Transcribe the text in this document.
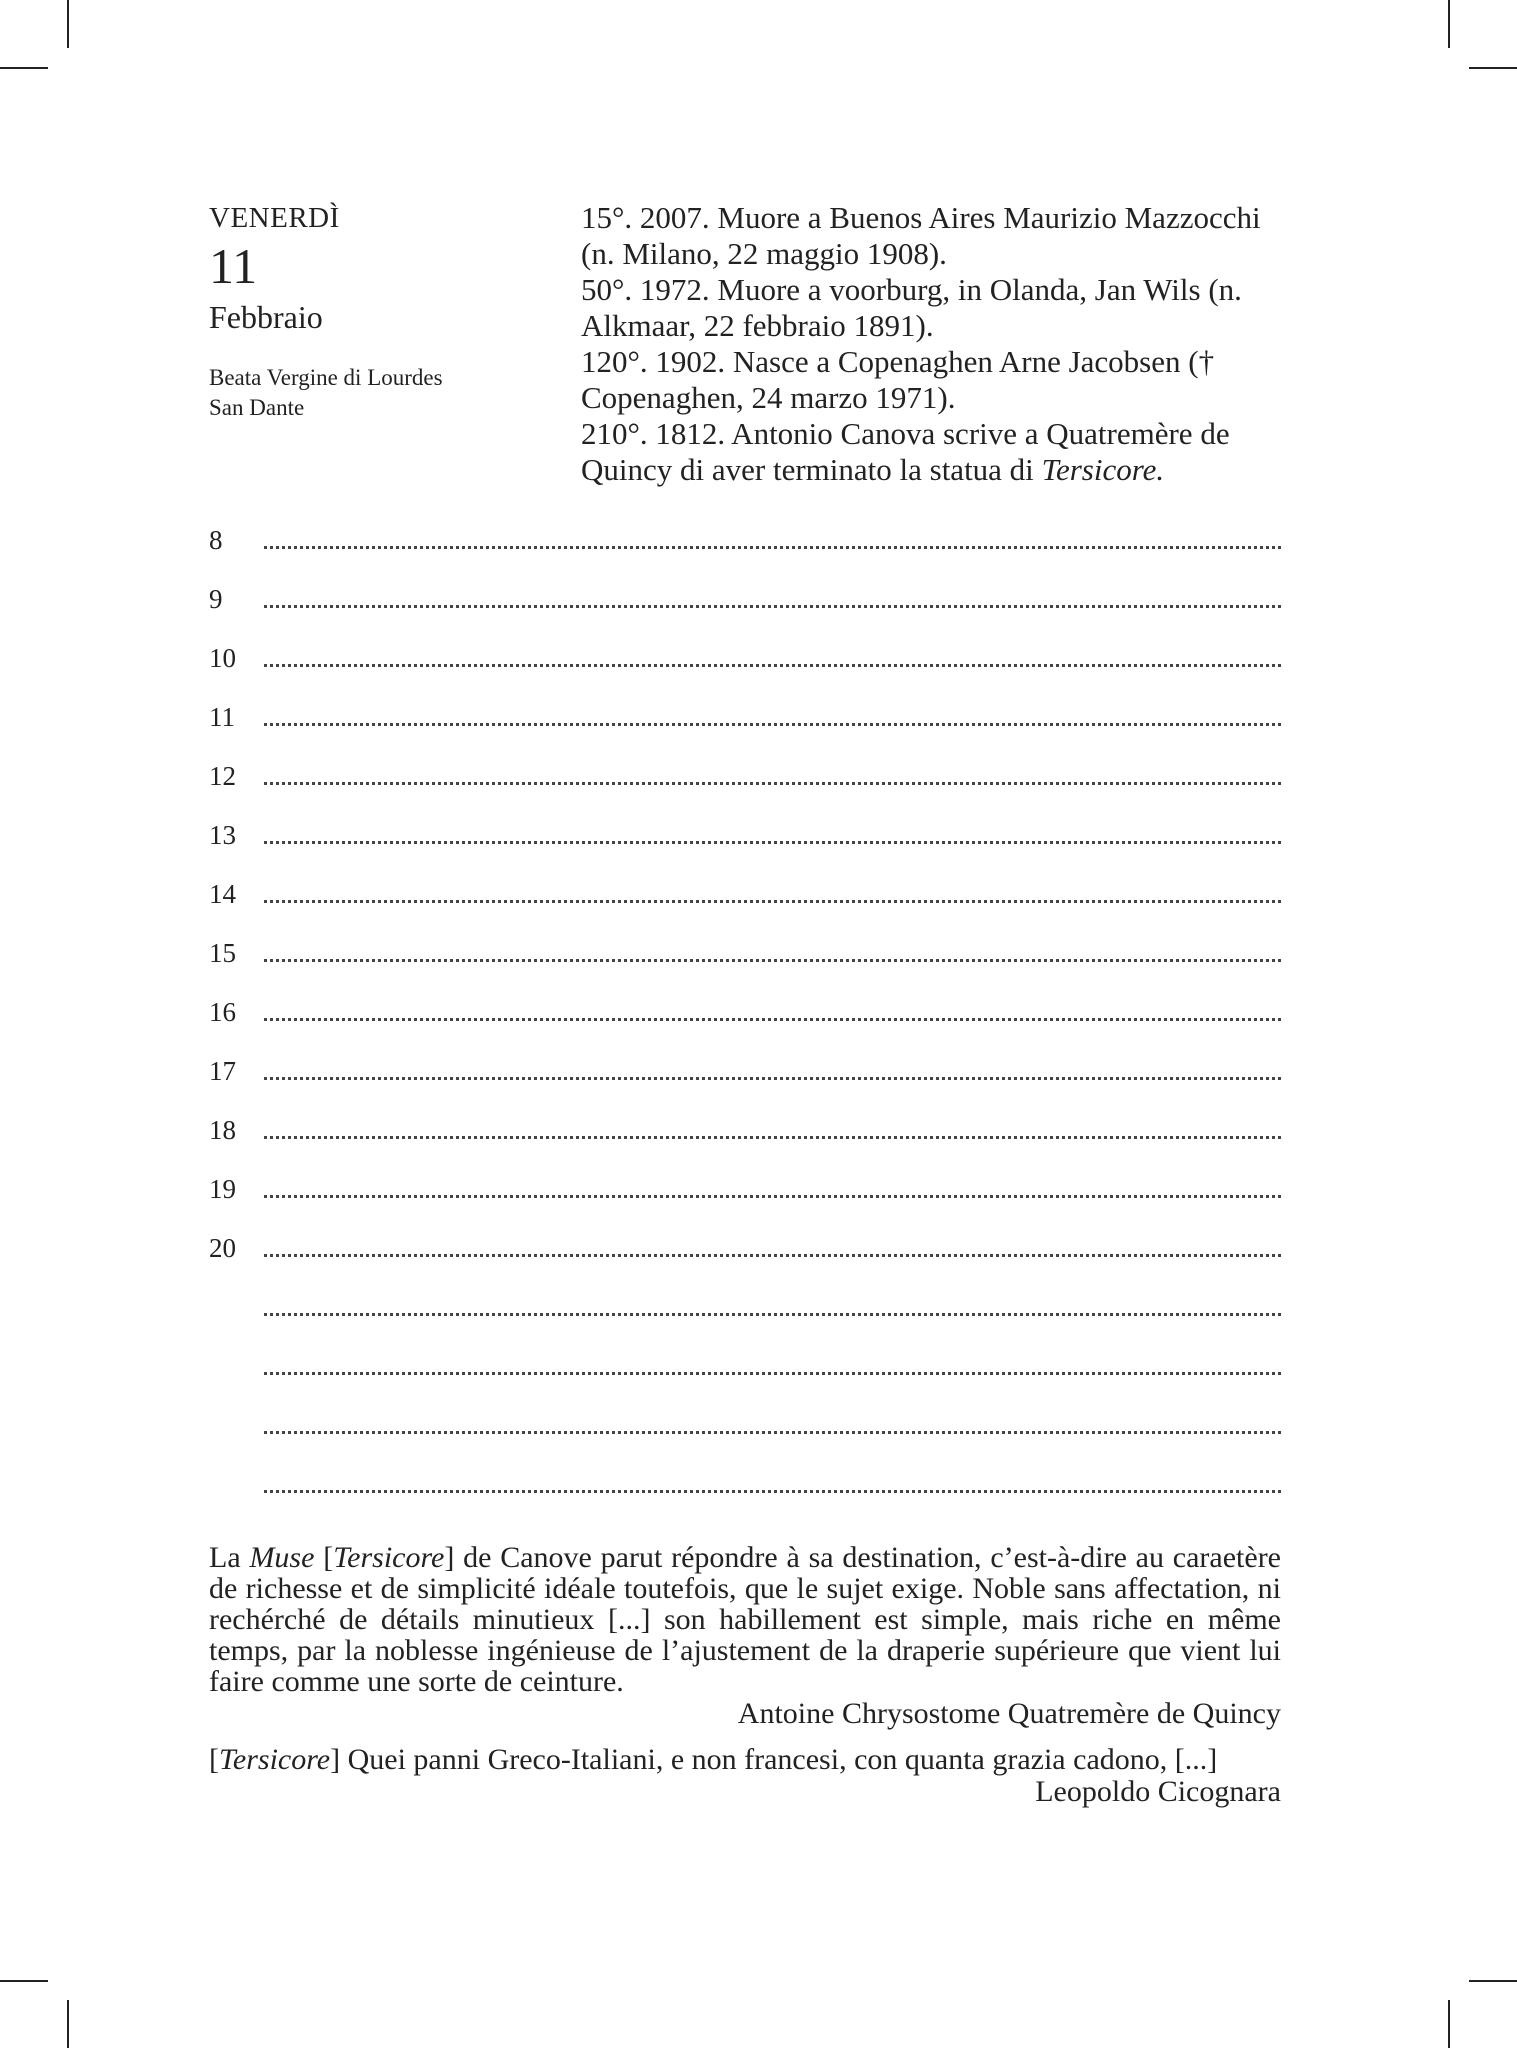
VENERDÌ
11
Febbraio
Beata Vergine di Lourdes
San Dante

15°. 2007. Muore a Buenos Aires Maurizio Mazzocchi (n. Milano, 22 maggio 1908).

50°. 1972. Muore a voorburg, in Olanda, Jan Wils (n. Alkmaar, 22 febbraio 1891).

120°. 1902. Nasce a Copenaghen Arne Jacobsen († Copenaghen, 24 marzo 1971).

210°. 1812. Antonio Canova scrive a Quatremère de Quincy di aver terminato la statua di Tersicore.

8
9
10
11
12
13
14
15
16
17
18
19
20

La Muse [Tersicore] de Canove parut répondre à sa destination, c’est-à-dire au caraetère de richesse et de simplicité idéale toutefois, que le sujet exige. Noble sans affectation, ni rechérché de détails minutieux [...] son habillement est simple, mais riche en même temps, par la noblesse ingénieuse de l’ajustement de la draperie supérieure que vient lui faire comme une sorte de ceinture.

Antoine Chrysostome Quatremère de Quincy

[Tersicore] Quei panni Greco-Italiani, e non francesi, con quanta grazia cadono, [...]

Leopoldo Cicognara
